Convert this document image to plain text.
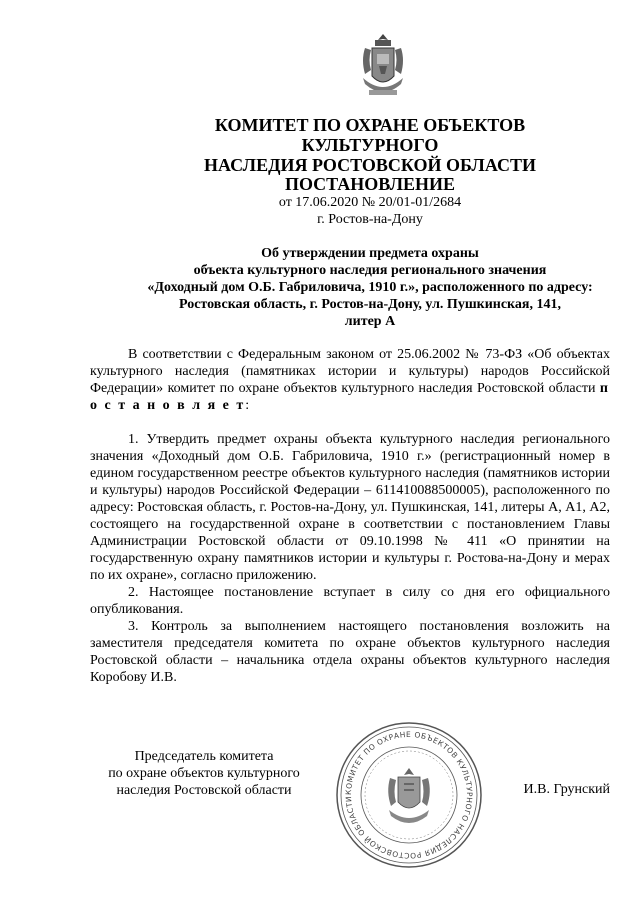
КОМИТЕТ ПО ОХРАНЕ ОБЪЕКТОВ КУЛЬТУРНОГО
НАСЛЕДИЯ РОСТОВСКОЙ ОБЛАСТИ
ПОСТАНОВЛЕНИЕ
от 17.06.2020 № 20/01-01/2684
г. Ростов-на-Дону
Об утверждении предмета охраны
объекта культурного наследия регионального значения
«Доходный дом О.Б. Габриловича, 1910 г.», расположенного по адресу:
Ростовская область, г. Ростов-на-Дону, ул. Пушкинская, 141,
литер А

В соответствии с Федеральным законом от 25.06.2002 № 73-ФЗ «Об объектах культурного наследия (памятниках истории и культуры) народов Российской Федерации» комитет по охране объектов культурного наследия Ростовской области п о с т а н о в л я е т:

1. Утвердить предмет охраны объекта культурного наследия регионального значения «Доходный дом О.Б. Габриловича, 1910 г.» (регистрационный номер в едином государственном реестре объектов культурного наследия (памятников истории и культуры) народов Российской Федерации – 611410088500005), расположенного по адресу: Ростовская область, г. Ростов-на-Дону, ул. Пушкинская, 141, литеры А, А1, А2, состоящего на государственной охране в соответствии с постановлением Главы Администрации Ростовской области от 09.10.1998 № 411 «О принятии на государственную охрану памятников истории и культуры г. Ростова-на-Дону и мерах по их охране», согласно приложению.

2. Настоящее постановление вступает в силу со дня его официального опубликования.

3. Контроль за выполнением настоящего постановления возложить на заместителя председателя комитета по охране объектов культурного наследия Ростовской области – начальника отдела охраны объектов культурного наследия Коробову И.В.

Председатель комитета
по охране объектов культурного
наследия Ростовской области	КОМИТЕТ ПО ОХРАНЕ ОБЪЕКТОВ КУЛЬТУРНОГО НАСЛЕДИЯ РОСТОВСКОЙ ОБЛАСТИ
И.В. Грунский
